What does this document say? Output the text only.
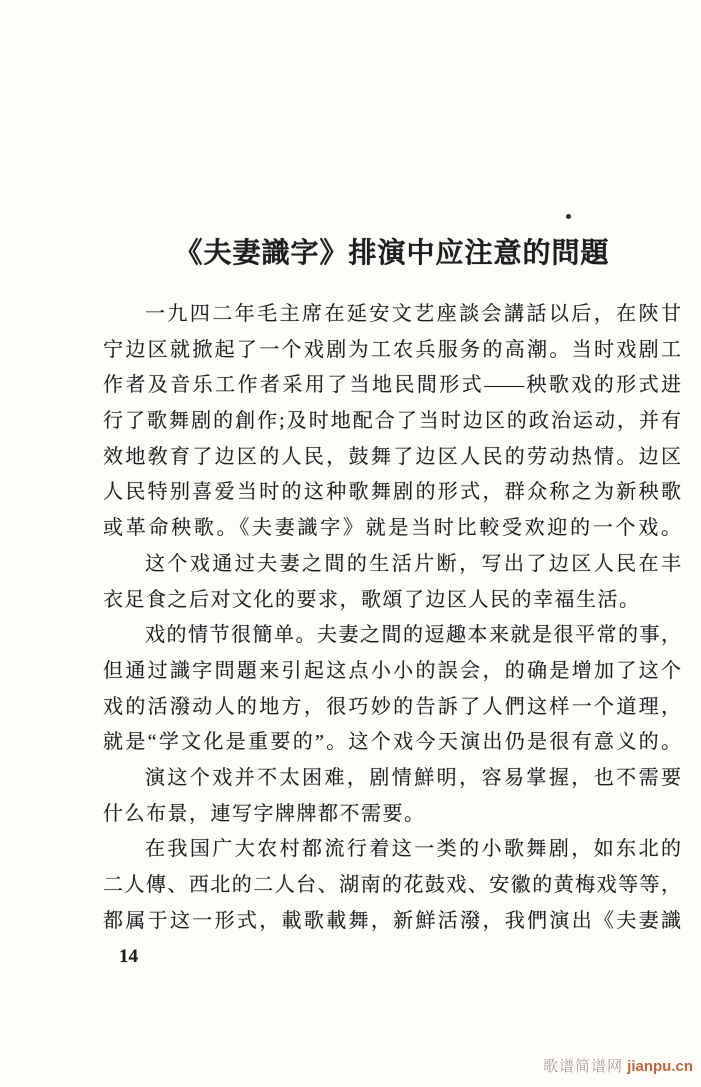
《夫妻識字》排演中应注意的問題
一九四二年毛主席在延安文艺座談会講話以后，在陝甘
宁边区就掀起了一个戏剧为工农兵服务的高潮。当时戏剧工
作者及音乐工作者采用了当地民間形式——秧歌戏的形式进
行了歌舞剧的創作;及时地配合了当时边区的政治运动，并有
效地敎育了边区的人民，鼓舞了边区人民的劳动热情。边区
人民特别喜爱当时的这种歌舞剧的形式，群众称之为新秧歌
或革命秧歌。《夫妻識字》就是当时比較受欢迎的一个戏。
这个戏通过夫妻之間的生活片断，写出了边区人民在丰
衣足食之后对文化的要求，歌頌了边区人民的幸福生活。
戏的情节很簡单。夫妻之間的逗趣本来就是很平常的事，
但通过識字問題来引起这点小小的誤会，的确是增加了这个
戏的活潑动人的地方，很巧妙的告訴了人們这样一个道理，
就是“学文化是重要的”。这个戏今天演出仍是很有意义的。
演这个戏并不太困难，剧情鮮明，容易掌握，也不需要
什么布景，連写字牌牌都不需要。
在我国广大农村都流行着这一类的小歌舞剧，如东北的
二人傳、西北的二人台、湖南的花鼓戏、安徽的黄梅戏等等，
都属于这一形式，載歌載舞，新鮮活潑，我們演出《夫妻識
14
歌谱简谱网 jianpu.cn
